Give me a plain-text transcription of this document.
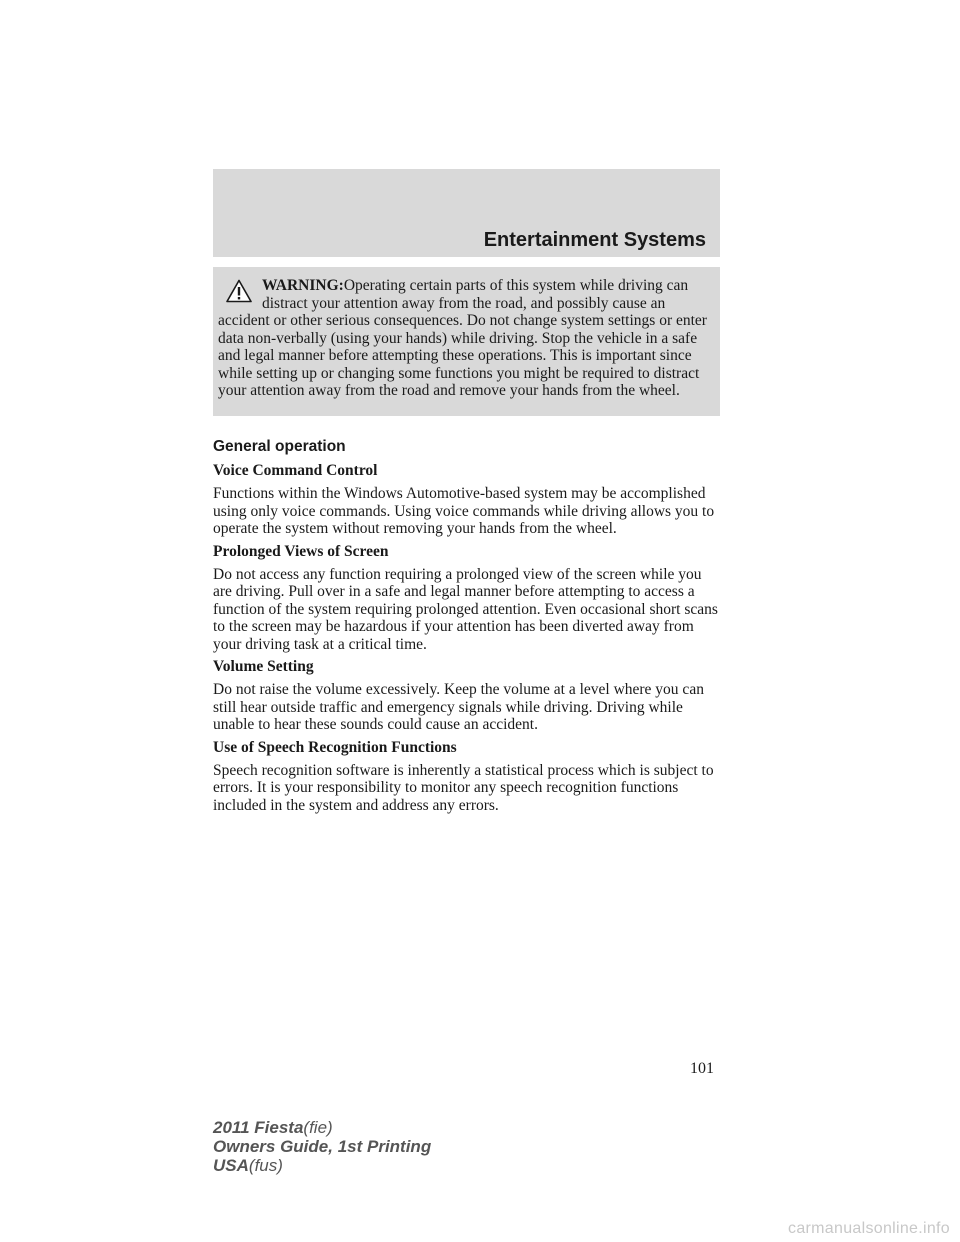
Entertainment Systems

WARNING:Operating certain parts of this system while driving can distract your attention away from the road, and possibly cause an accident or other serious consequences. Do not change system settings or enter data non-verbally (using your hands) while driving. Stop the vehicle in a safe and legal manner before attempting these operations. This is important since while setting up or changing some functions you might be required to distract your attention away from the road and remove your hands from the wheel.

General operation
Voice Command Control

Functions within the Windows Automotive-based system may be accomplished using only voice commands. Using voice commands while driving allows you to operate the system without removing your hands from the wheel.

Prolonged Views of Screen

Do not access any function requiring a prolonged view of the screen while you are driving. Pull over in a safe and legal manner before attempting to access a function of the system requiring prolonged attention. Even occasional short scans to the screen may be hazardous if your attention has been diverted away from your driving task at a critical time.

Volume Setting

Do not raise the volume excessively. Keep the volume at a level where you can still hear outside traffic and emergency signals while driving. Driving while unable to hear these sounds could cause an accident.

Use of Speech Recognition Functions

Speech recognition software is inherently a statistical process which is subject to errors. It is your responsibility to monitor any speech recognition functions included in the system and address any errors.

101
2011 Fiesta(fie)
Owners Guide, 1st Printing
USA(fus)
carmanualsonline.info
